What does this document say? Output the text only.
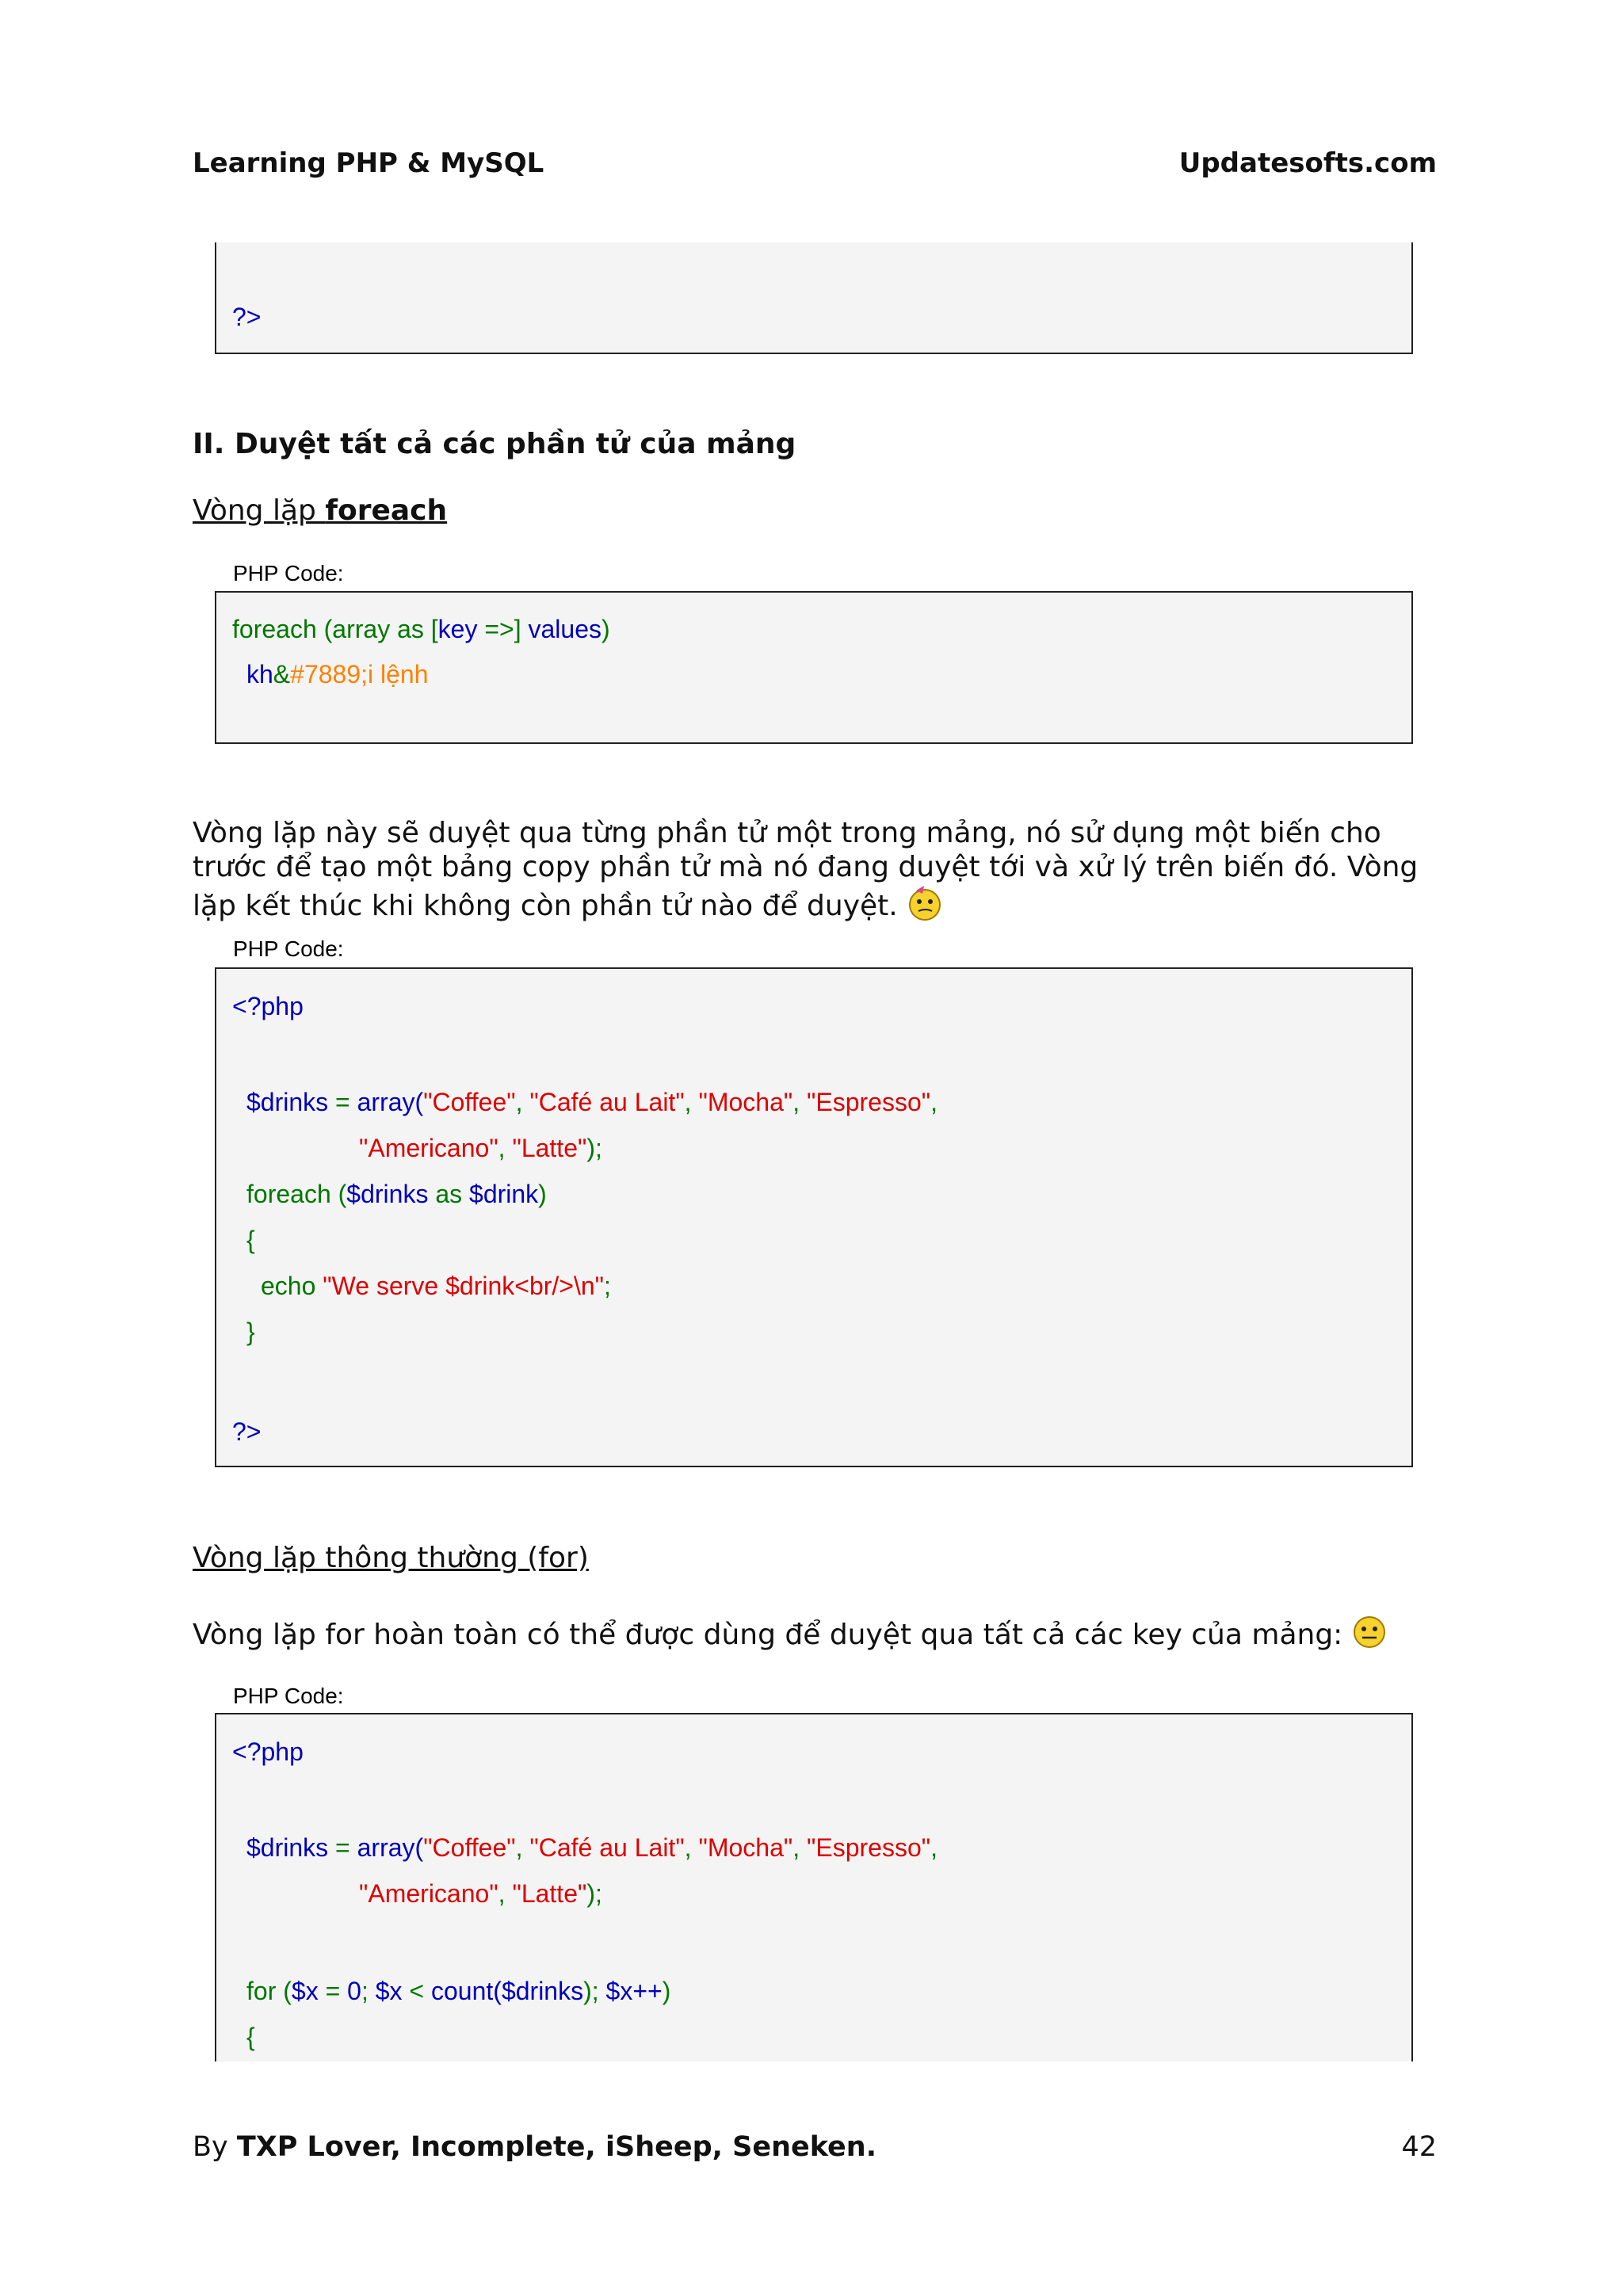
Learning PHP & MySQL	Updatesofts.com
?>
II. Duyệt tất cả các phần tử của mảng
Vòng lặp foreach
PHP Code:
foreach (array as [key =>] values)
kh&#7889;i lệnh
Vòng lặp này sẽ duyệt qua từng phần tử một trong mảng, nó sử dụng một biến cho trước để tạo một bảng copy phần tử mà nó đang duyệt tới và xử lý trên biến đó. Vòng lặp kết thúc khi không còn phần tử nào để duyệt.
PHP Code:
<?php
$drinks = array("Coffee", "Café au Lait", "Mocha", "Espresso",
"Americano", "Latte");
foreach ($drinks as $drink)
{
echo "We serve $drink<br/>\n";
}
?>
Vòng lặp thông thường (for)
Vòng lặp for hoàn toàn có thể được dùng để duyệt qua tất cả các key của mảng:
PHP Code:
<?php
$drinks = array("Coffee", "Café au Lait", "Mocha", "Espresso",
"Americano", "Latte");
for ($x = 0; $x < count($drinks); $x++)
{
By TXP Lover, Incomplete, iSheep, Seneken.	42
